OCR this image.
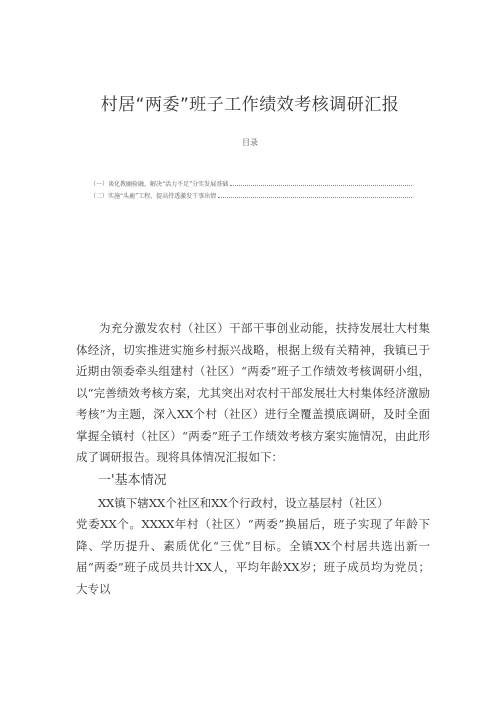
村居“两委”班子工作绩效考核调研汇报
目录
（一）谈化教幽验融，解决“活力不足”分实发展基础
（二）实施“头鹿”工程，提高持透激发干事出情

为充分激发农村（社区）干部干事创业动能，扶持发展壮大村集体经济，切实推进实施乡村振兴战略，根据上级有关精神，我镇已于近期由领委牵头组建村（社区）“两委”班子工作绩效考核调研小组，以“完善绩效考核方案，尤其突出对农村干部发展壮大村集体经济激励考核”为主题，深入XX个村（社区）进行全覆盖摸底调研，及时全面掌握全镇村（社区）“两委”班子工作绩效考核方案实施情况，由此形成了调研报告。现将具体情况汇报如下：

一'基本情况

XX镇下辖XX个社区和XX个行政村，设立基层村（社区）
党委XX个。XXXX年村（社区）“两委”换届后，班子实现了年龄下降、学历提升、素质优化“三优”目标。全镇XX个村居共选出新一届“两委”班子成员共计XX人，平均年龄XX岁；班子成员均为党员；大专以
